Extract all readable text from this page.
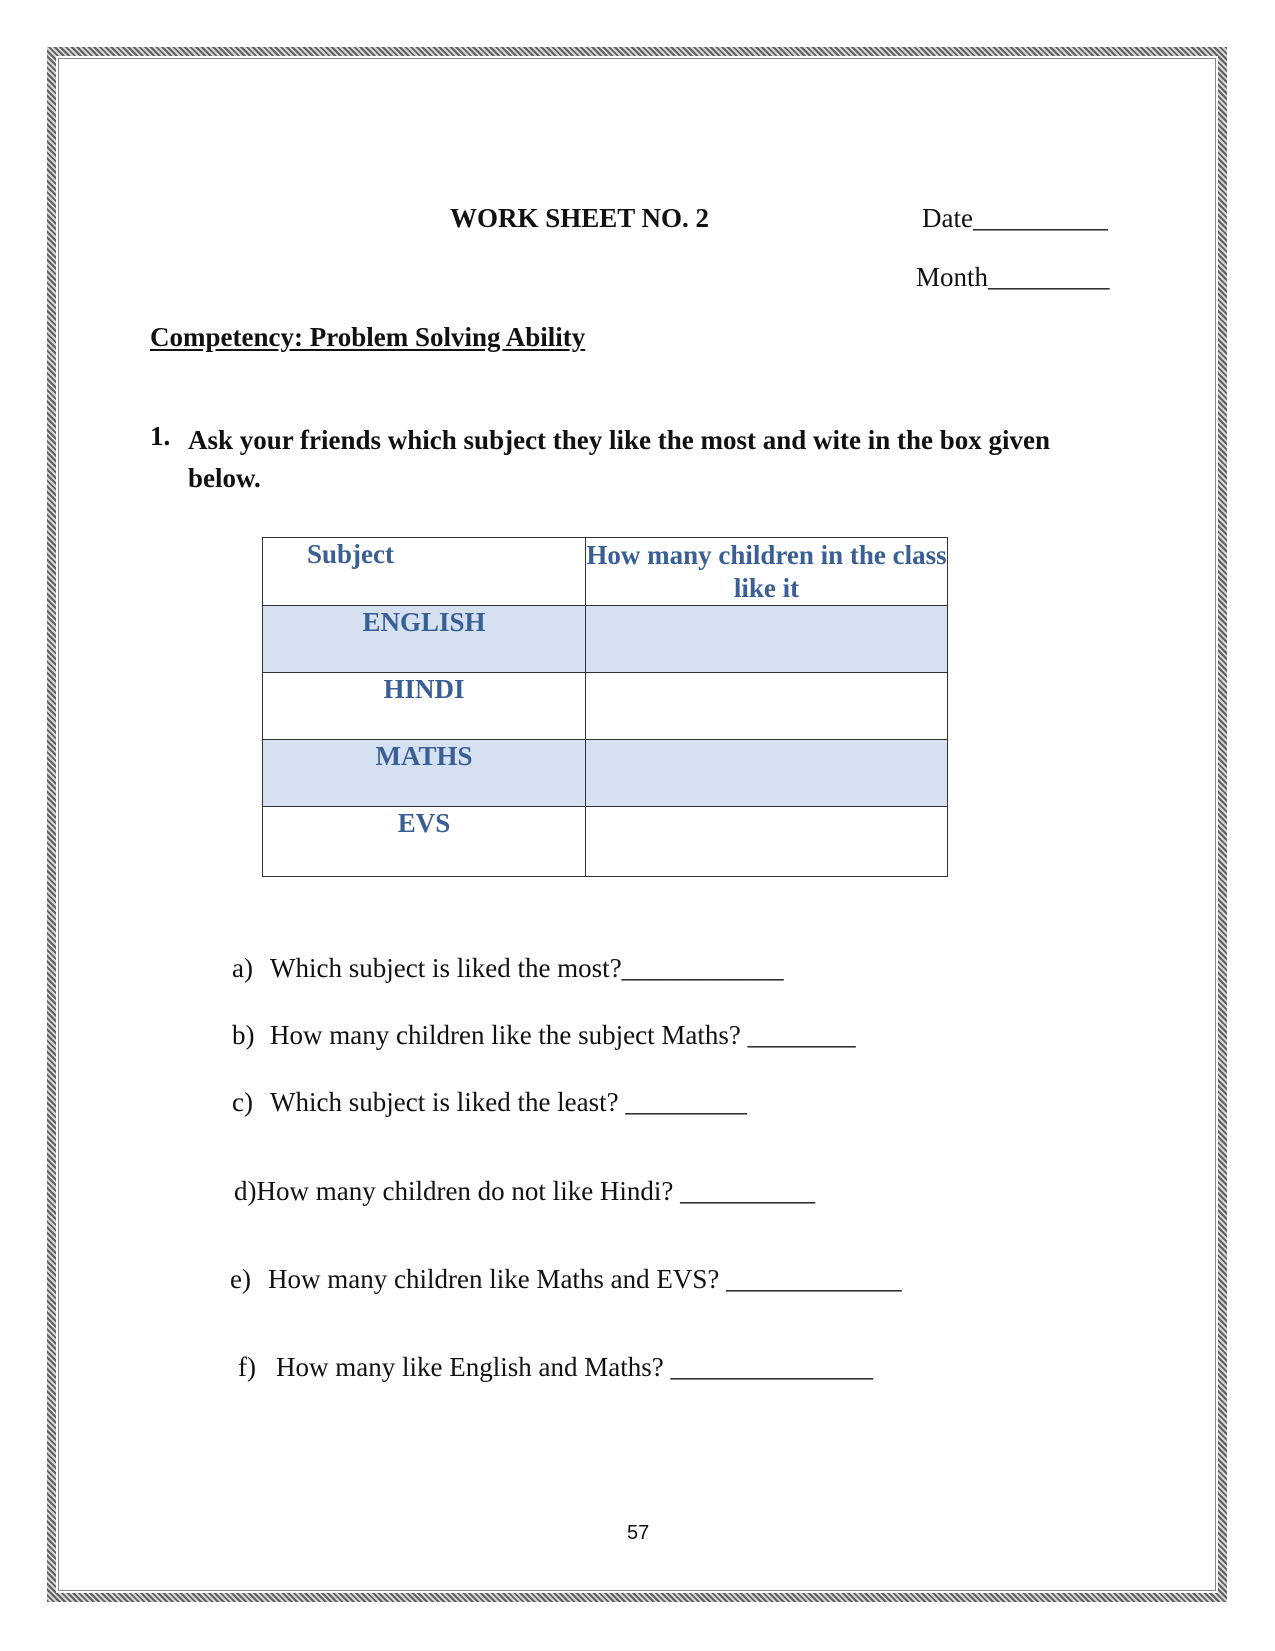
WORK SHEET NO. 2	Date__________
Month_________
Competency: Problem Solving Ability
1. Ask your friends which subject they like the most and wite in the box given below.
Subject	How many children in the class like it
ENGLISH	
HINDI	
MATHS	
EVS	
a) Which subject is liked the most?____________
b) How many children like the subject Maths? ________
c) Which subject is liked the least? _________
d)How many children do not like Hindi? __________
e) How many children like Maths and EVS? _____________
f) How many like English and Maths? _______________
57
